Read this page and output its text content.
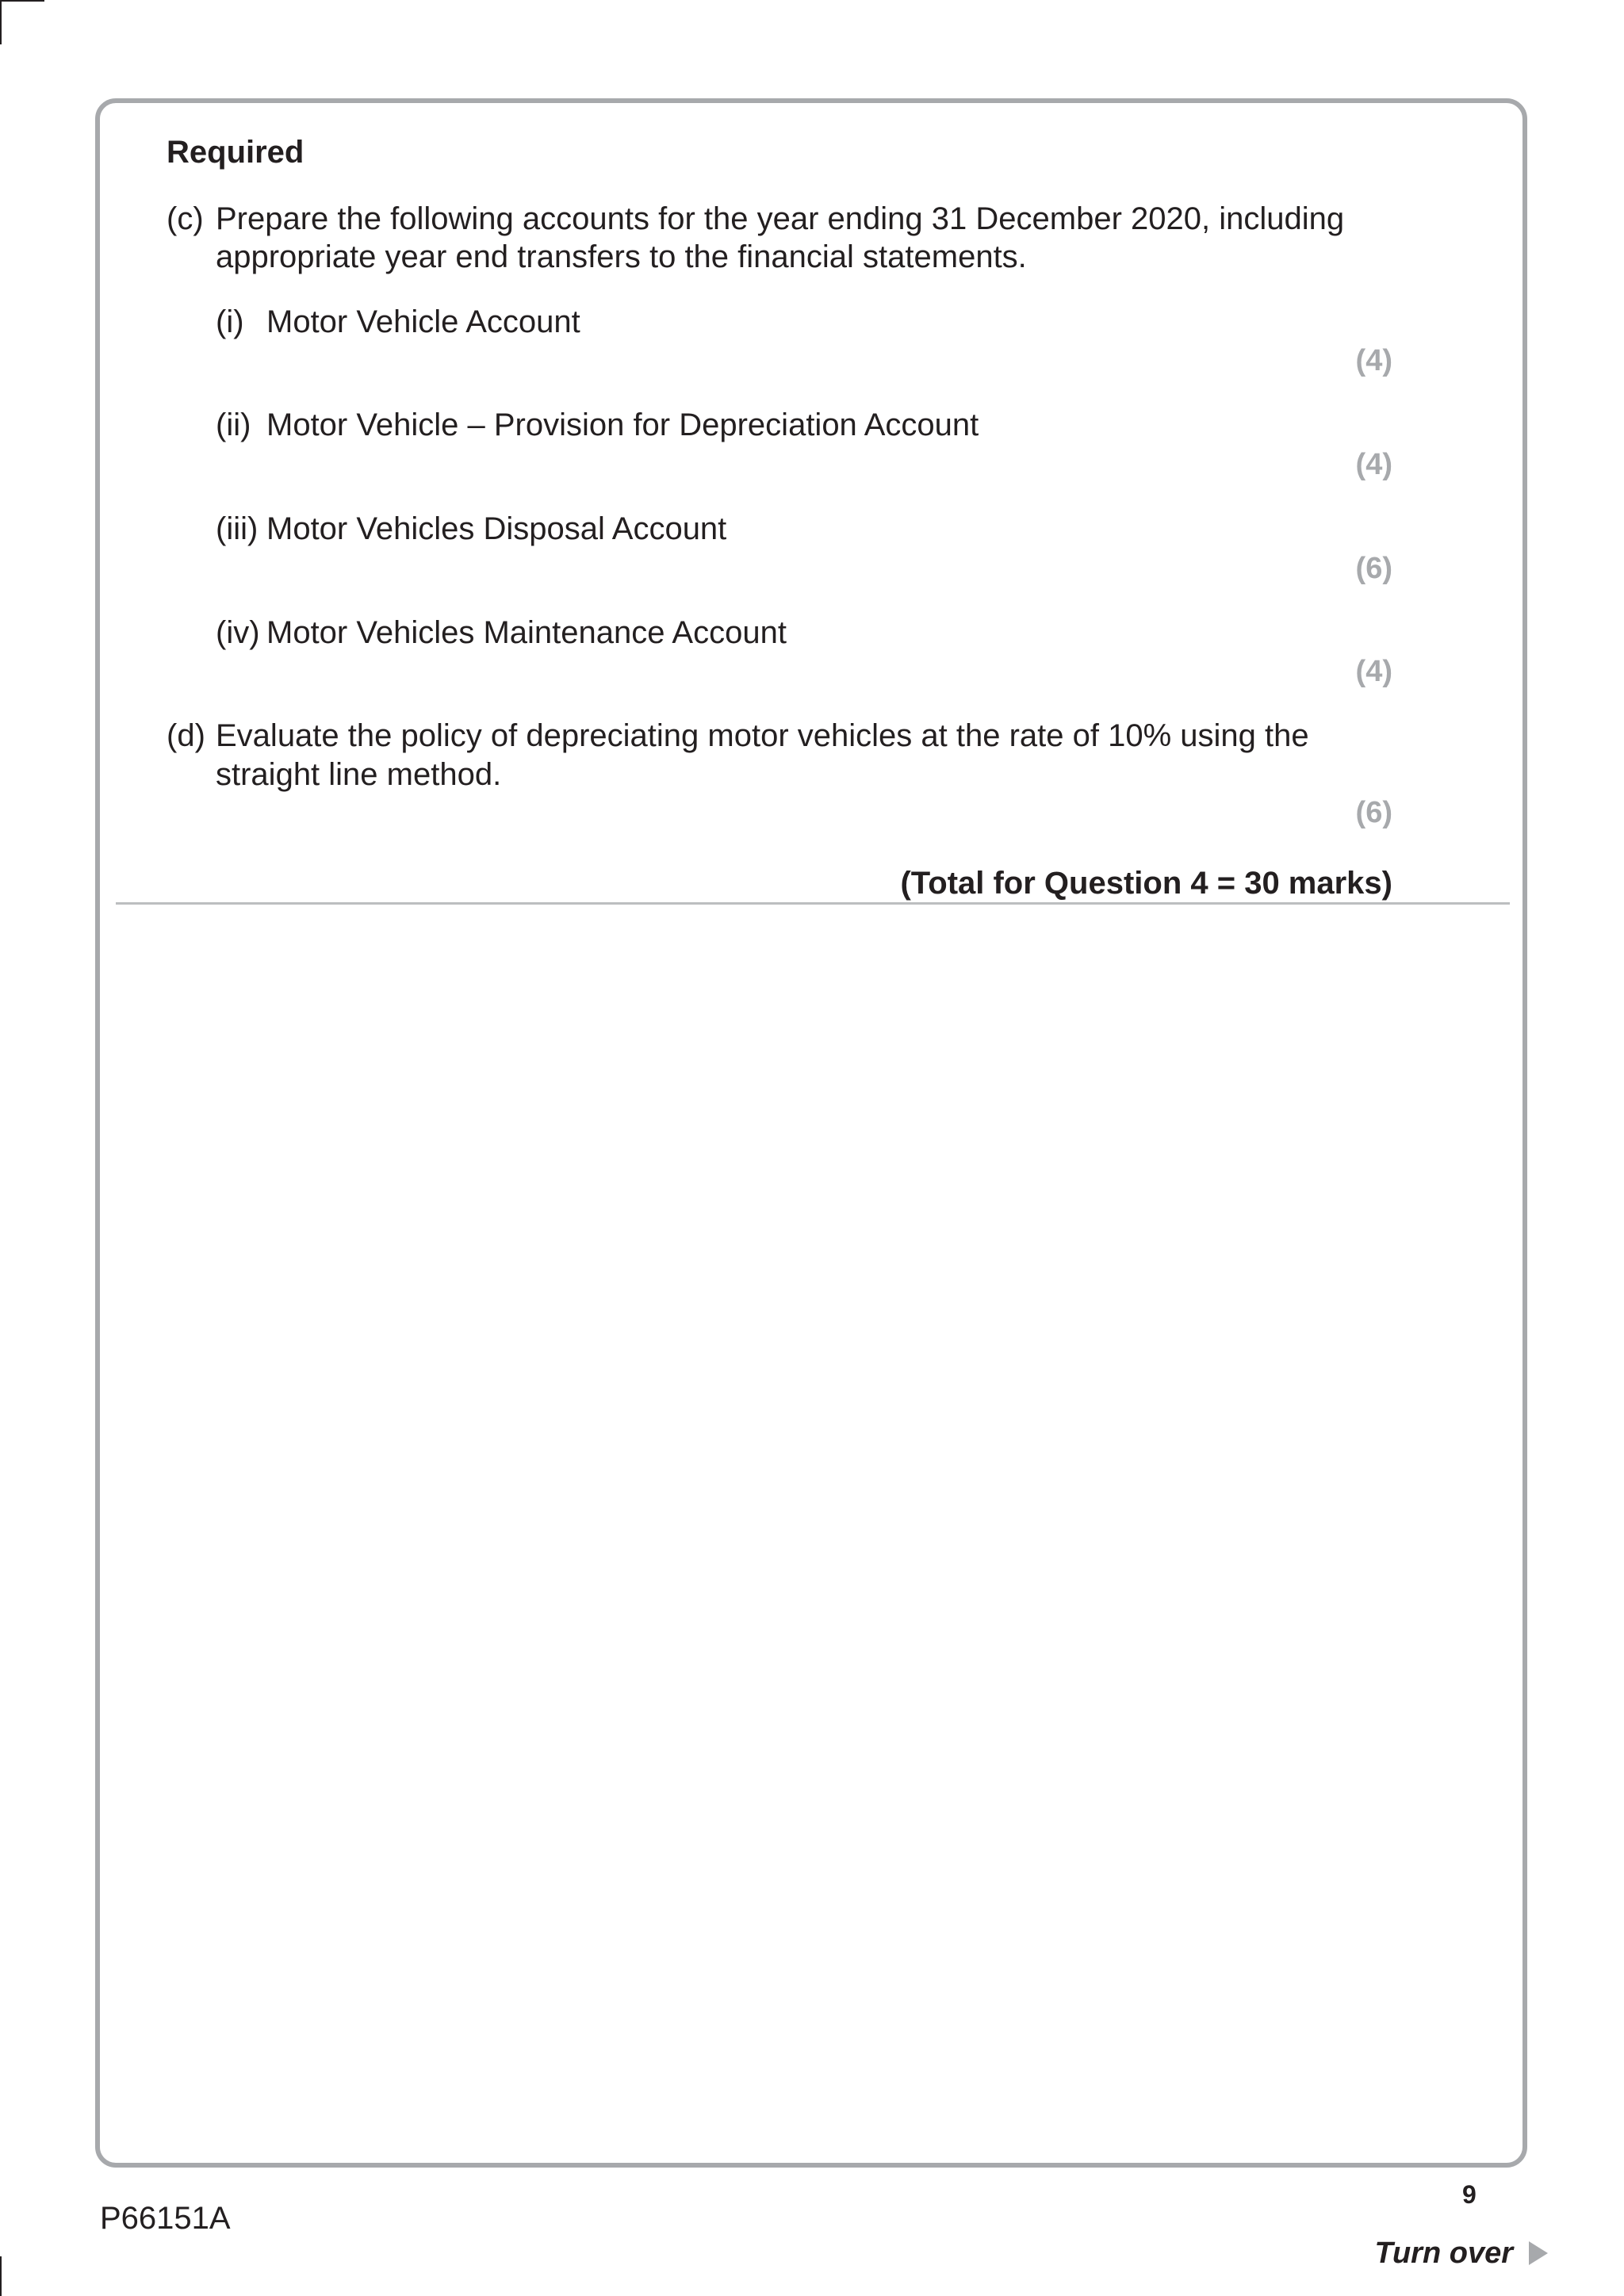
Required
(c) Prepare the following accounts for the year ending 31 December 2020, including
appropriate year end transfers to the financial statements.
(i) Motor Vehicle Account
(4)
(ii) Motor Vehicle – Provision for Depreciation Account
(4)
(iii) Motor Vehicles Disposal Account
(6)
(iv) Motor Vehicles Maintenance Account
(4)
(d) Evaluate the policy of depreciating motor vehicles at the rate of 10% using the
straight line method.
(6)
(Total for Question 4 = 30 marks)
9
P66151A
Turn over
